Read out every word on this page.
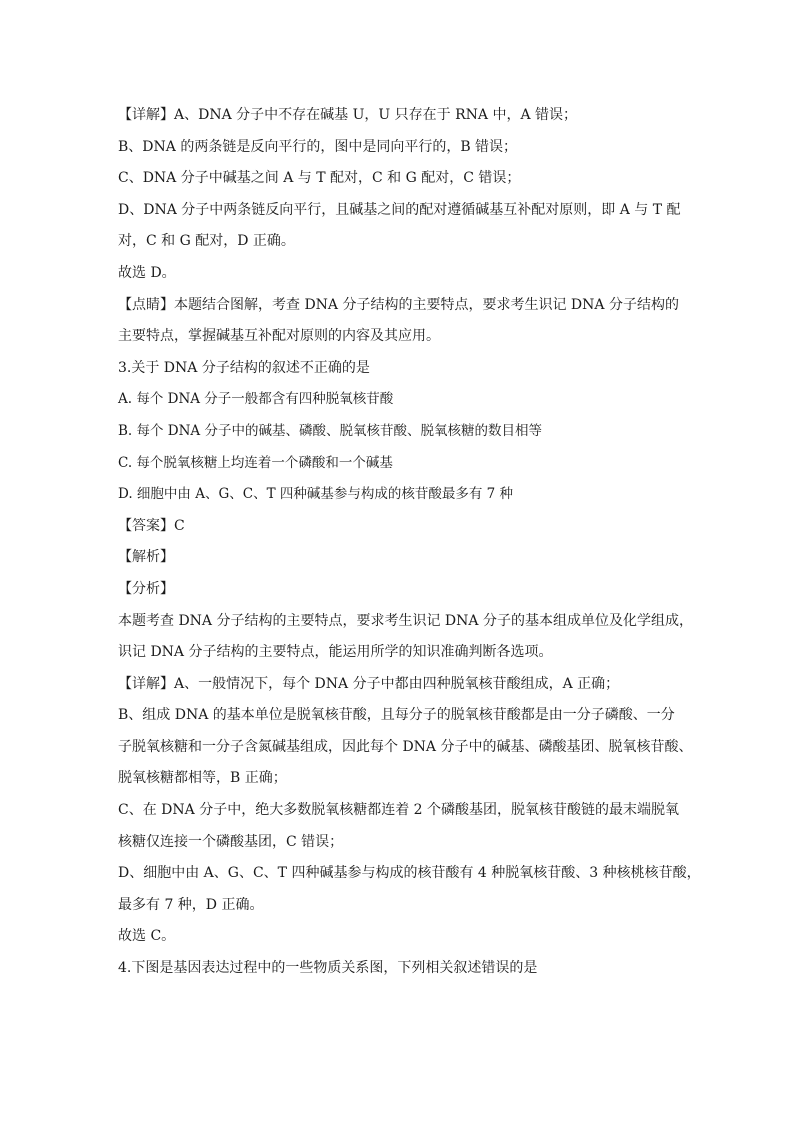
【详解】A、DNA 分子中不存在碱基 U，U 只存在于 RNA 中，A 错误；
B、DNA 的两条链是反向平行的，图中是同向平行的，B 错误；
C、DNA 分子中碱基之间 A 与 T 配对，C 和 G 配对，C 错误；
D、DNA 分子中两条链反向平行，且碱基之间的配对遵循碱基互补配对原则，即 A 与 T 配
对，C 和 G 配对，D 正确。
故选 D。
【点睛】本题结合图解，考查 DNA 分子结构的主要特点，要求考生识记 DNA 分子结构的
主要特点，掌握碱基互补配对原则的内容及其应用。
3.关于 DNA 分子结构的叙述不正确的是
A. 每个 DNA 分子一般都含有四种脱氧核苷酸
B. 每个 DNA 分子中的碱基、磷酸、脱氧核苷酸、脱氧核糖的数目相等
C. 每个脱氧核糖上均连着一个磷酸和一个碱基
D. 细胞中由 A、G、C、T 四种碱基参与构成的核苷酸最多有 7 种
【答案】C
【解析】
【分析】
本题考查 DNA 分子结构的主要特点，要求考生识记 DNA 分子的基本组成单位及化学组成，
识记 DNA 分子结构的主要特点，能运用所学的知识准确判断各选项。
【详解】A、一般情况下，每个 DNA 分子中都由四种脱氧核苷酸组成，A 正确；
B、组成 DNA 的基本单位是脱氧核苷酸，且每分子的脱氧核苷酸都是由一分子磷酸、一分
子脱氧核糖和一分子含氮碱基组成，因此每个 DNA 分子中的碱基、磷酸基团、脱氧核苷酸、
脱氧核糖都相等，B 正确；
C、在 DNA 分子中，绝大多数脱氧核糖都连着 2 个磷酸基团，脱氧核苷酸链的最末端脱氧
核糖仅连接一个磷酸基团，C 错误；
D、细胞中由 A、G、C、T 四种碱基参与构成的核苷酸有 4 种脱氧核苷酸、3 种核桃核苷酸，
最多有 7 种，D 正确。
故选 C。
4.下图是基因表达过程中的一些物质关系图，下列相关叙述错误的是
